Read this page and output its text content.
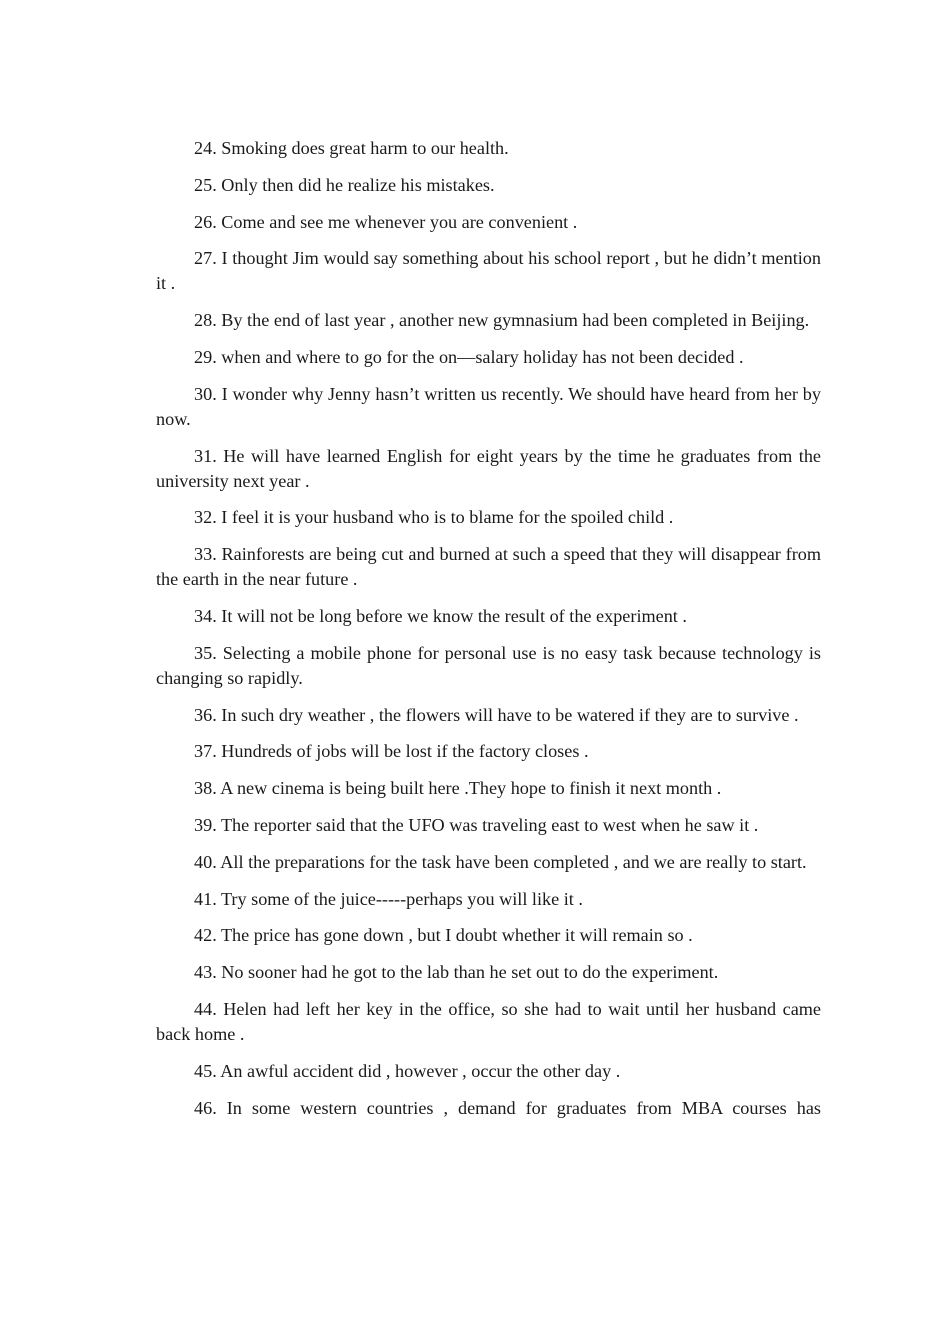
24. Smoking does great harm to our health.

25. Only then did he realize his mistakes.

26. Come and see me whenever you are convenient .

27. I thought Jim would say something about his school report , but he didn’t mention it .

28. By the end of last year , another new gymnasium had been completed in Beijing.

29. when and where to go for the on—salary holiday has not been decided .

30. I wonder why Jenny hasn’t written us recently. We should have heard from her by now.

31. He will have learned English for eight years by the time he graduates from the university next year .

32. I feel it is your husband who is to blame for the spoiled child .

33. Rainforests are being cut and burned at such a speed that they will disappear from the earth in the near future .

34. It will not be long before we know the result of the experiment .

35. Selecting a mobile phone for personal use is no easy task because technology is changing so rapidly.

36. In such dry weather , the flowers will have to be watered if they are to survive .

37. Hundreds of jobs will be lost if the factory closes .

38. A new cinema is being built here .They hope to finish it next month .

39. The reporter said that the UFO was traveling east to west when he saw it .

40. All the preparations for the task have been completed , and we are really to start.

41. Try some of the juice-----perhaps you will like it .

42. The price has gone down , but I doubt whether it will remain so .

43. No sooner had he got to the lab than he set out to do the experiment.

44. Helen had left her key in the office, so she had to wait until her husband came back home .

45. An awful accident did , however , occur the other day .

46. In some western countries , demand for graduates from MBA courses has
